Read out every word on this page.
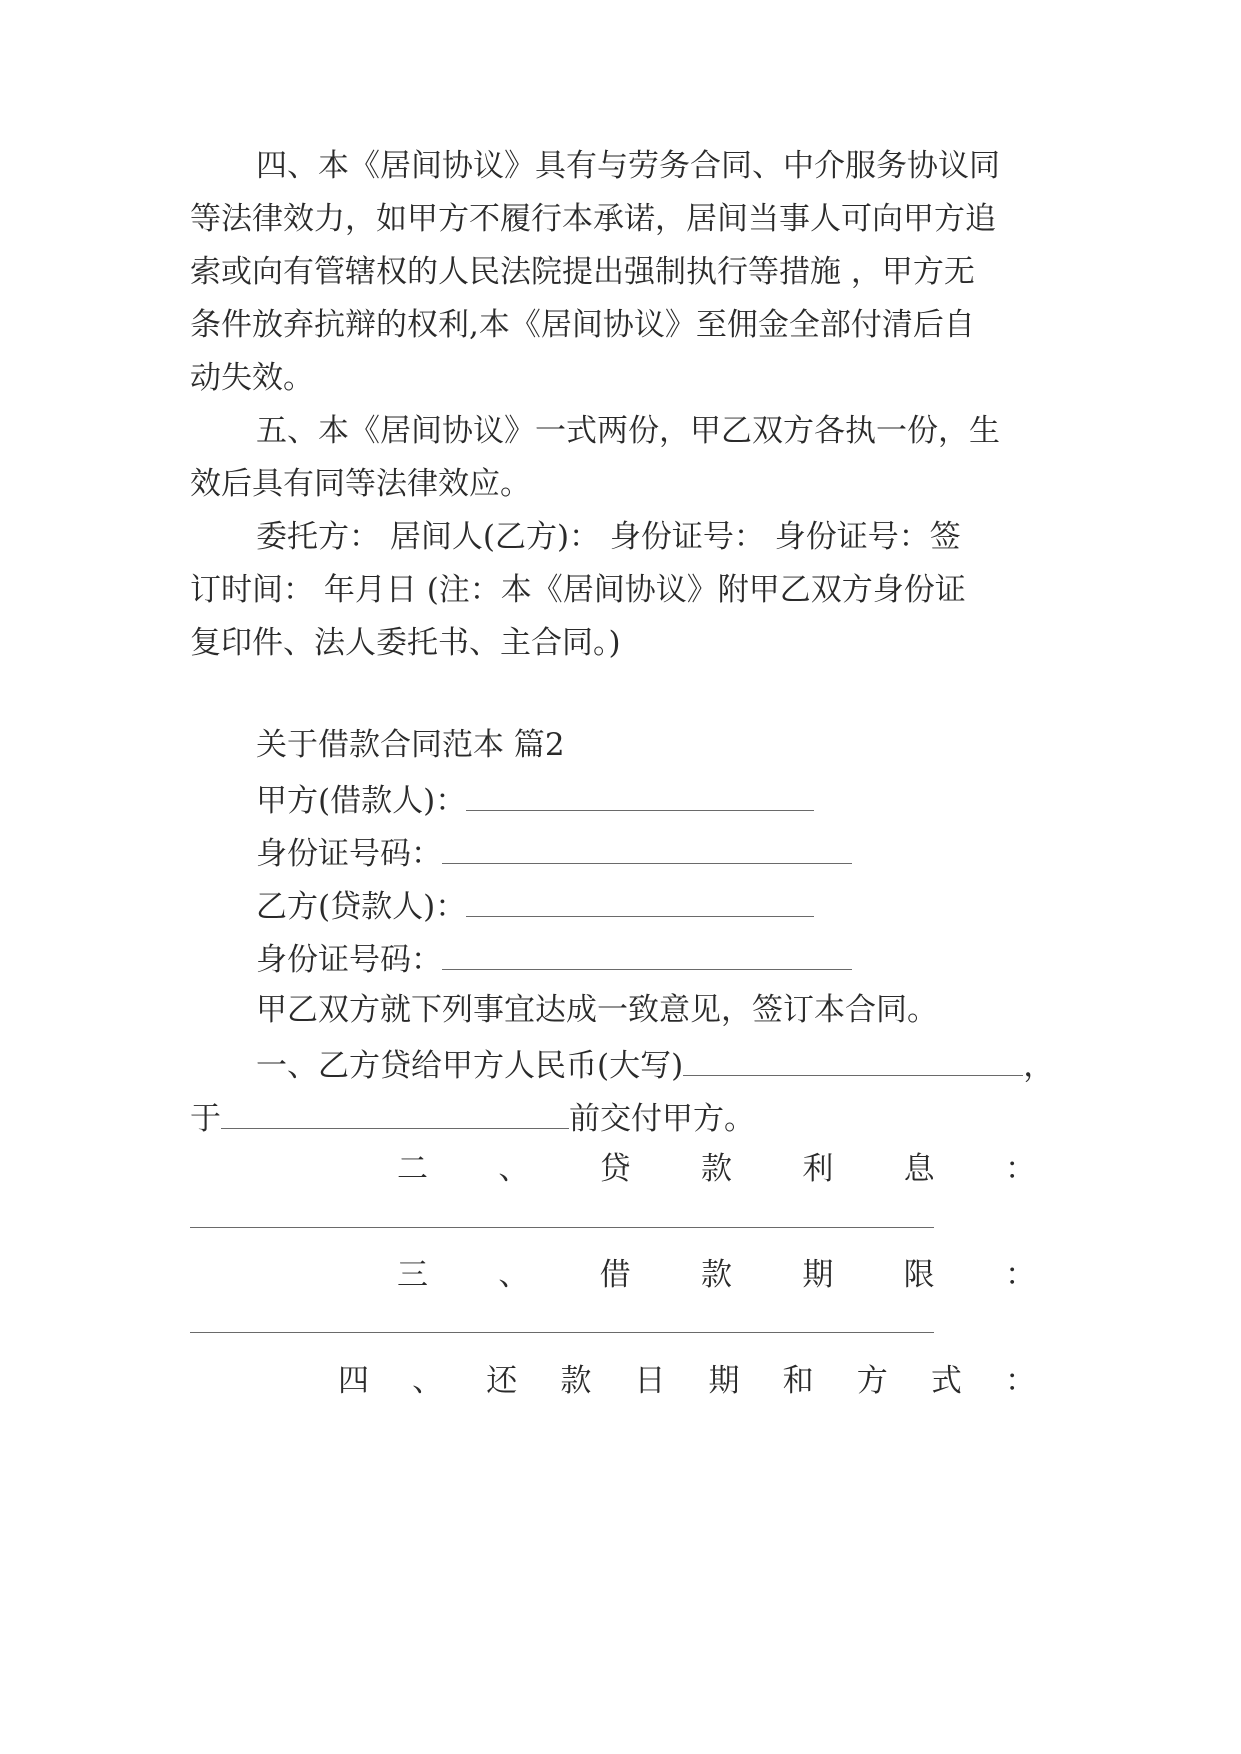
四、本《居间协议》具有与劳务合同、中介服务协议同
等法律效力，如甲方不履行本承诺，居间当事人可向甲方追
索或向有管辖权的人民法院提出强制执行等措施 ，甲方无
条件放弃抗辩的权利,本《居间协议》至佣金全部付清后自
动失效。
五、本《居间协议》一式两份，甲乙双方各执一份，生
效后具有同等法律效应。
委托方： 居间人(乙方)： 身份证号： 身份证号：签
订时间： 年月日 (注：本《居间协议》附甲乙双方身份证
复印件、法人委托书、主合同。)
关于借款合同范本 篇2
甲方(借款人)：
身份证号码：
乙方(贷款人)：
身份证号码：
甲乙双方就下列事宜达成一致意见，签订本合同。
一、乙方贷给甲方人民币(大写)	，
于	前交付甲方。
二 、 贷 款 利 息 ：
三 、 借 款 期 限 ：
四 、 还 款 日 期 和 方 式 ：
